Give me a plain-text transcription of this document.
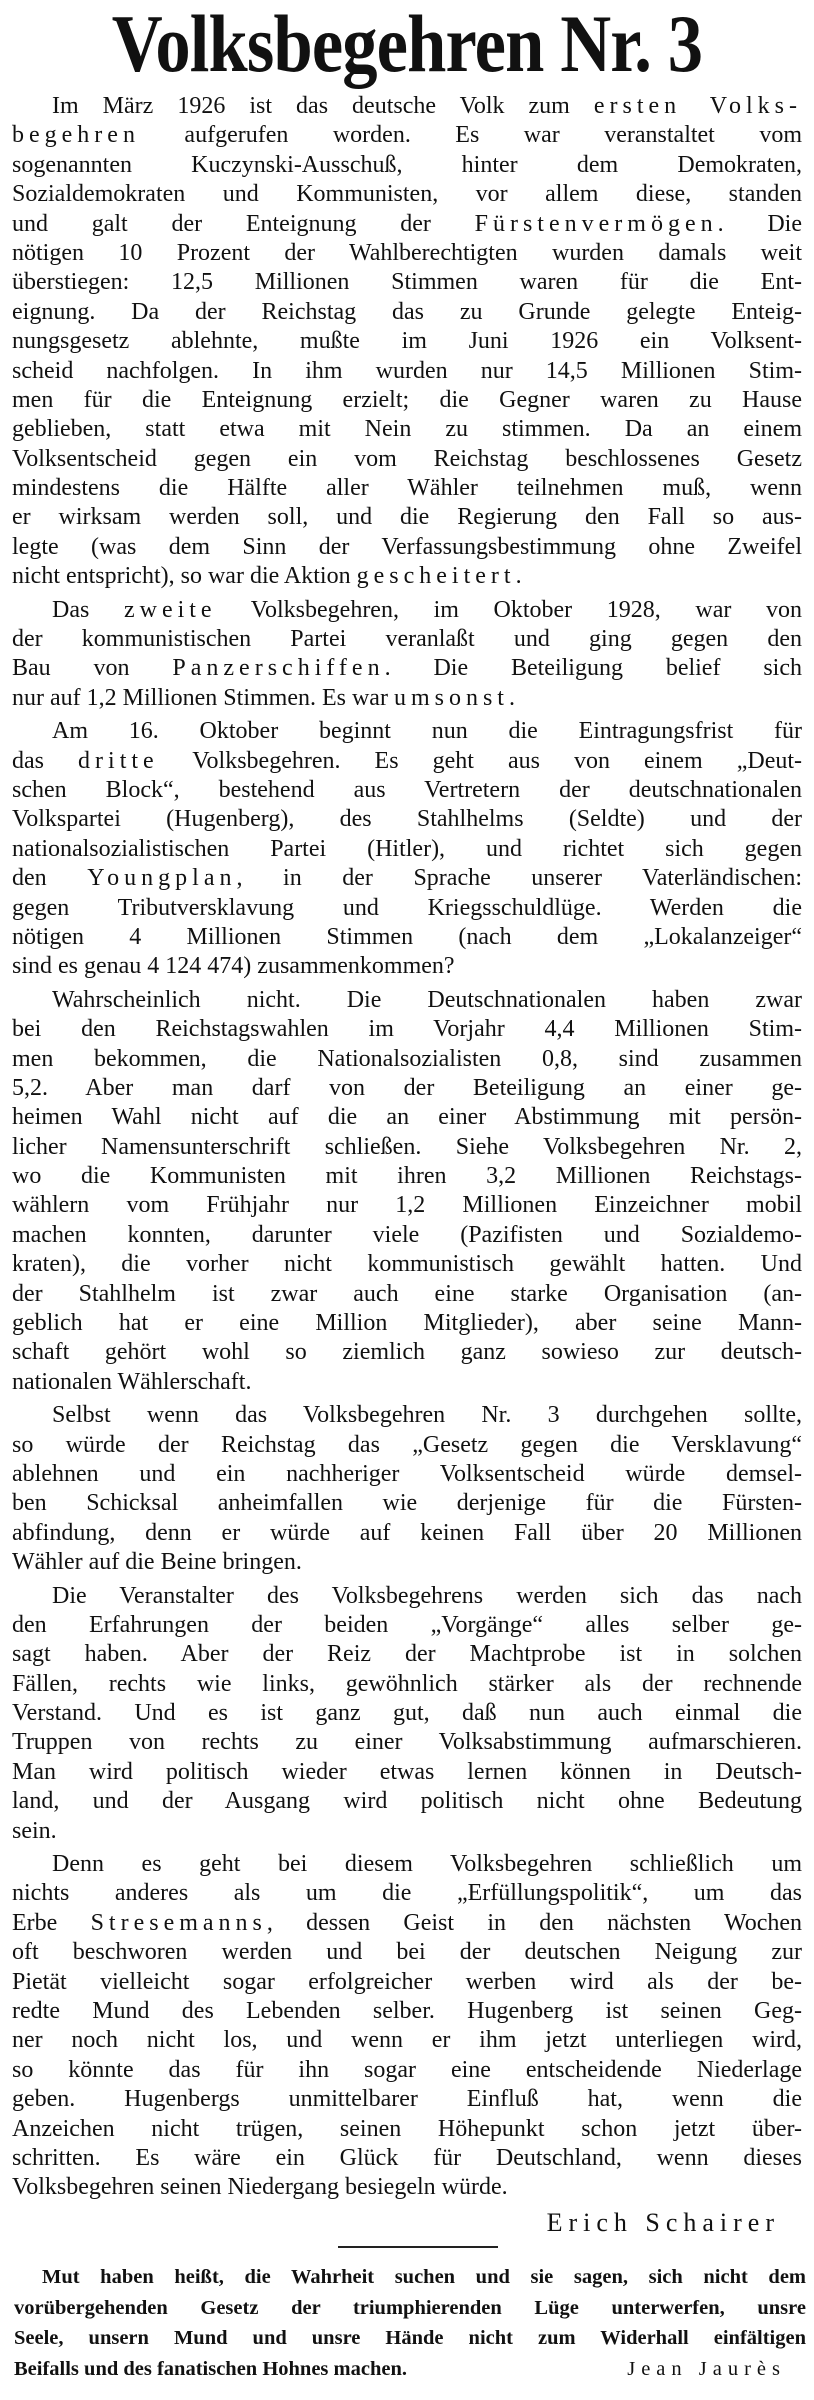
Volksbegehren Nr. 3
Im März 1926 ist das deutsche Volk zum ersten Volks-
begehren aufgerufen worden. Es war veranstaltet vom
sogenannten Kuczynski-Ausschuß, hinter dem Demokraten,
Sozialdemokraten und Kommunisten, vor allem diese, standen
und galt der Enteignung der Fürstenvermögen. Die
nötigen 10 Prozent der Wahlberechtigten wurden damals weit
überstiegen: 12,5 Millionen Stimmen waren für die Ent-
eignung. Da der Reichstag das zu Grunde gelegte Enteig-
nungsgesetz ablehnte, mußte im Juni 1926 ein Volksent-
scheid nachfolgen. In ihm wurden nur 14,5 Millionen Stim-
men für die Enteignung erzielt; die Gegner waren zu Hause
geblieben, statt etwa mit Nein zu stimmen. Da an einem
Volksentscheid gegen ein vom Reichstag beschlossenes Gesetz
mindestens die Hälfte aller Wähler teilnehmen muß, wenn
er wirksam werden soll, und die Regierung den Fall so aus-
legte (was dem Sinn der Verfassungsbestimmung ohne Zweifel
nicht entspricht), so war die Aktion gescheitert.
Das zweite Volksbegehren, im Oktober 1928, war von
der kommunistischen Partei veranlaßt und ging gegen den
Bau von Panzerschiffen. Die Beteiligung belief sich
nur auf 1,2 Millionen Stimmen. Es war umsonst.
Am 16. Oktober beginnt nun die Eintragungsfrist für
das dritte Volksbegehren. Es geht aus von einem „Deut-
schen Block“, bestehend aus Vertretern der deutschnationalen
Volkspartei (Hugenberg), des Stahlhelms (Seldte) und der
nationalsozialistischen Partei (Hitler), und richtet sich gegen
den Youngplan, in der Sprache unserer Vaterländischen:
gegen Tributversklavung und Kriegsschuldlüge. Werden die
nötigen 4 Millionen Stimmen (nach dem „Lokalanzeiger“
sind es genau 4 124 474) zusammenkommen?
Wahrscheinlich nicht. Die Deutschnationalen haben zwar
bei den Reichstagswahlen im Vorjahr 4,4 Millionen Stim-
men bekommen, die Nationalsozialisten 0,8, sind zusammen
5,2. Aber man darf von der Beteiligung an einer ge-
heimen Wahl nicht auf die an einer Abstimmung mit persön-
licher Namensunterschrift schließen. Siehe Volksbegehren Nr. 2,
wo die Kommunisten mit ihren 3,2 Millionen Reichstags-
wählern vom Frühjahr nur 1,2 Millionen Einzeichner mobil
machen konnten, darunter viele (Pazifisten und Sozialdemo-
kraten), die vorher nicht kommunistisch gewählt hatten. Und
der Stahlhelm ist zwar auch eine starke Organisation (an-
geblich hat er eine Million Mitglieder), aber seine Mann-
schaft gehört wohl so ziemlich ganz sowieso zur deutsch-
nationalen Wählerschaft.
Selbst wenn das Volksbegehren Nr. 3 durchgehen sollte,
so würde der Reichstag das „Gesetz gegen die Versklavung“
ablehnen und ein nachheriger Volksentscheid würde demsel-
ben Schicksal anheimfallen wie derjenige für die Fürsten-
abfindung, denn er würde auf keinen Fall über 20 Millionen
Wähler auf die Beine bringen.
Die Veranstalter des Volksbegehrens werden sich das nach
den Erfahrungen der beiden „Vorgänge“ alles selber ge-
sagt haben. Aber der Reiz der Machtprobe ist in solchen
Fällen, rechts wie links, gewöhnlich stärker als der rechnende
Verstand. Und es ist ganz gut, daß nun auch einmal die
Truppen von rechts zu einer Volksabstimmung aufmarschieren.
Man wird politisch wieder etwas lernen können in Deutsch-
land, und der Ausgang wird politisch nicht ohne Bedeutung
sein.
Denn es geht bei diesem Volksbegehren schließlich um
nichts anderes als um die „Erfüllungspolitik“, um das
Erbe Stresemanns, dessen Geist in den nächsten Wochen
oft beschworen werden und bei der deutschen Neigung zur
Pietät vielleicht sogar erfolgreicher werben wird als der be-
redte Mund des Lebenden selber. Hugenberg ist seinen Geg-
ner noch nicht los, und wenn er ihm jetzt unterliegen wird,
so könnte das für ihn sogar eine entscheidende Niederlage
geben. Hugenbergs unmittelbarer Einfluß hat, wenn die
Anzeichen nicht trügen, seinen Höhepunkt schon jetzt über-
schritten. Es wäre ein Glück für Deutschland, wenn dieses
Volksbegehren seinen Niedergang besiegeln würde.
Erich Schairer
Mut haben heißt, die Wahrheit suchen und sie sagen, sich nicht dem
vorübergehenden Gesetz der triumphierenden Lüge unterwerfen, unsre
Seele, unsern Mund und unsre Hände nicht zum Widerhall einfältigen
Beifalls und des fanatischen Hohnes machen.	Jean Jaurès
